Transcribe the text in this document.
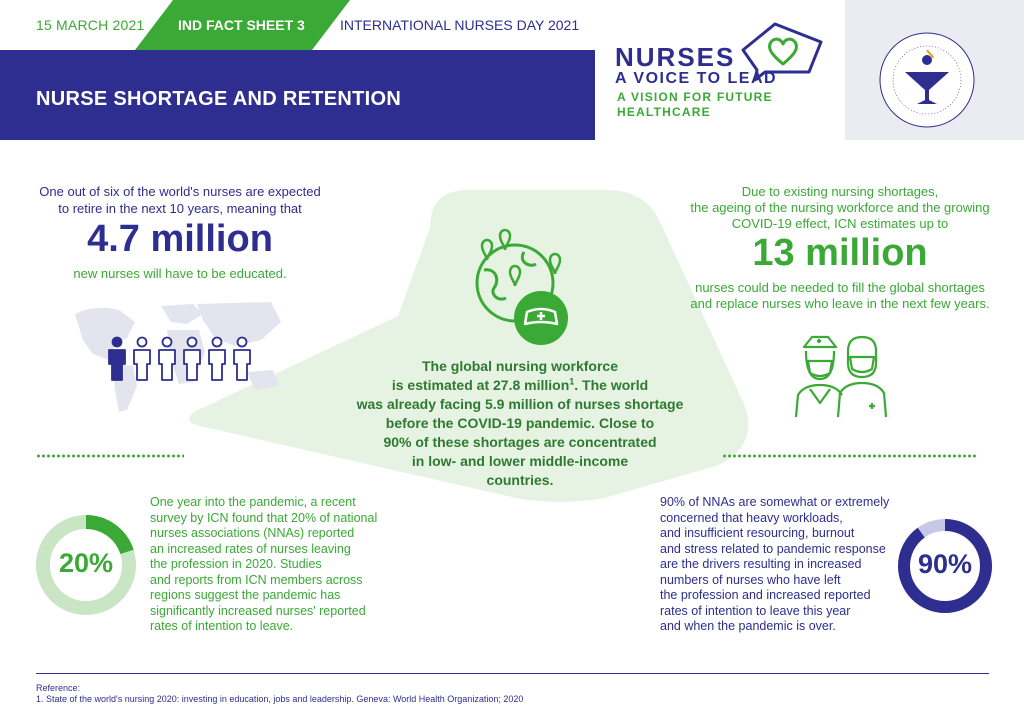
15 MARCH 2021 IND FACT SHEET 3	INTERNATIONAL NURSES DAY 2021
NURSE SHORTAGE AND RETENTION
NURSES
A VOICE TO LEAD
A VISION FOR FUTURE
HEALTHCARE
The global nursing workforce
is estimated at 27.8 million$^1$. The world
was already facing 5.9 million of nurses shortage
before the COVID-19 pandemic. Close to
90% of these shortages are concentrated
in low- and lower middle-income
countries.
One out of six of the world's nurses are expected
to retire in the next 10 years, meaning that
4.7 million
new nurses will have to be educated.
Due to existing nursing shortages,
the ageing of the nursing workforce and the growing
COVID-19 effect, ICN estimates up to
13 million
nurses could be needed to fill the global shortages
and replace nurses who leave in the next few years.
20%
One year into the pandemic, a recent
survey by ICN found that 20% of national
nurses associations (NNAs) reported
an increased rates of nurses leaving
the profession in 2020. Studies
and reports from ICN members across
regions suggest the pandemic has
significantly increased nurses' reported
rates of intention to leave.
90% of NNAs are somewhat or extremely
concerned that heavy workloads,
and insufficient resourcing, burnout
and stress related to pandemic response
are the drivers resulting in increased
numbers of nurses who have left
the profession and increased reported
rates of intention to leave this year
and when the pandemic is over.
90%
Reference:
1. State of the world's nursing 2020: investing in education, jobs and leadership. Geneva: World Health Organization; 2020
